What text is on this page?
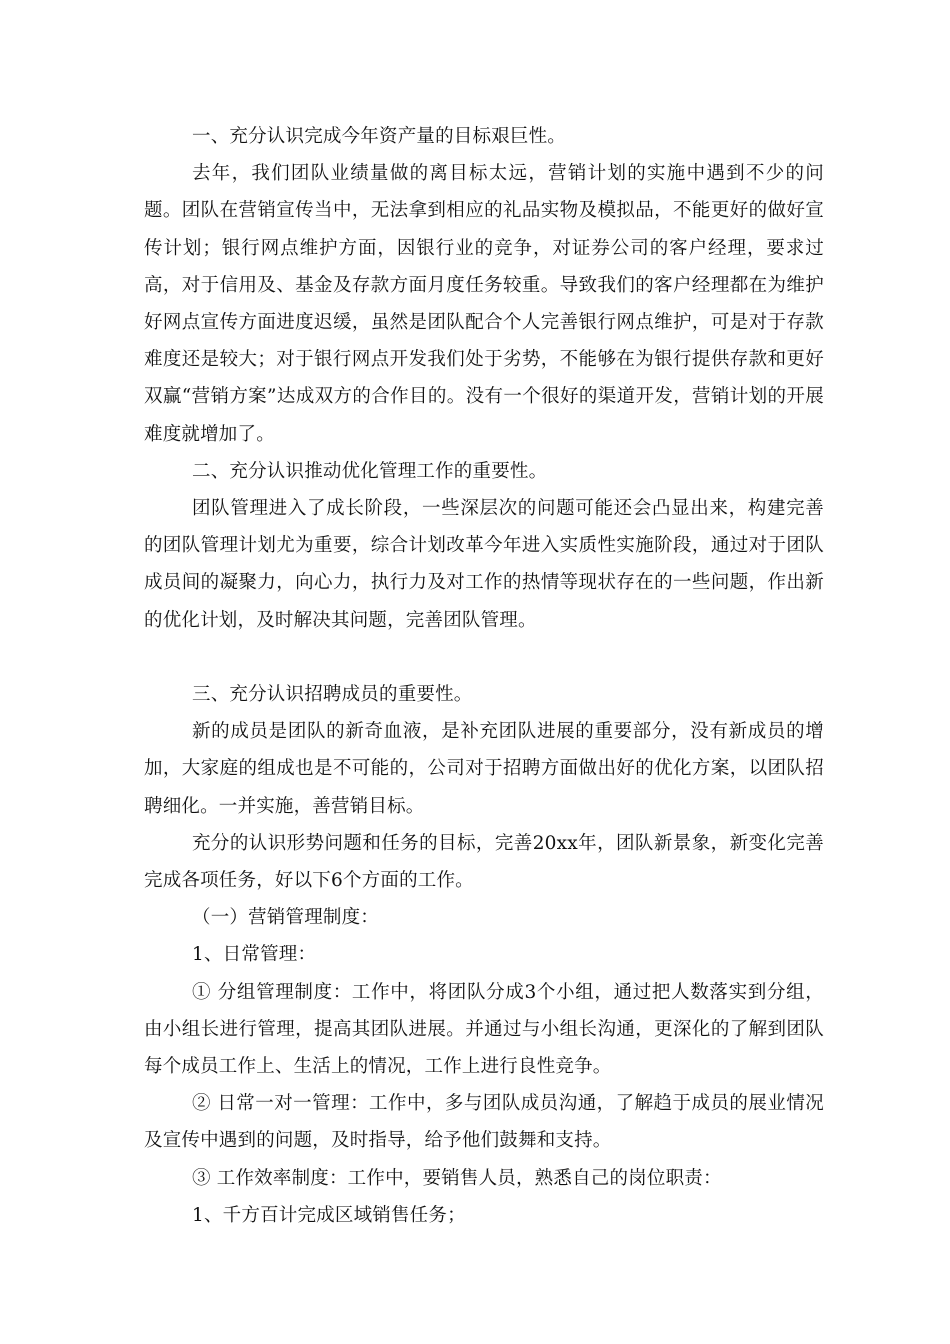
一、充分认识完成今年资产量的目标艰巨性。

去年，我们团队业绩量做的离目标太远，营销计划的实施中遇到不少的问题。团队在营销宣传当中，无法拿到相应的礼品实物及模拟品，不能更好的做好宣传计划；银行网点维护方面，因银行业的竞争，对证券公司的客户经理，要求过高，对于信用及、基金及存款方面月度任务较重。导致我们的客户经理都在为维护好网点宣传方面进度迟缓，虽然是团队配合个人完善银行网点维护，可是对于存款难度还是较大；对于银行网点开发我们处于劣势，不能够在为银行提供存款和更好双赢“营销方案”达成双方的合作目的。没有一个很好的渠道开发，营销计划的开展难度就增加了。

二、充分认识推动优化管理工作的重要性。

团队管理进入了成长阶段，一些深层次的问题可能还会凸显出来，构建完善的团队管理计划尤为重要，综合计划改革今年进入实质性实施阶段，通过对于团队成员间的凝聚力，向心力，执行力及对工作的热情等现状存在的一些问题，作出新的优化计划，及时解决其问题，完善团队管理。

三、充分认识招聘成员的重要性。

新的成员是团队的新奇血液，是补充团队进展的重要部分，没有新成员的增加，大家庭的组成也是不可能的，公司对于招聘方面做出好的优化方案，以团队招聘细化。一并实施，善营销目标。

充分的认识形势问题和任务的目标，完善20xx年，团队新景象，新变化完善完成各项任务，好以下6个方面的工作。

（一）营销管理制度：

1、日常管理：

① 分组管理制度：工作中，将团队分成3个小组，通过把人数落实到分组，由小组长进行管理，提高其团队进展。并通过与小组长沟通，更深化的了解到团队每个成员工作上、生活上的情况，工作上进行良性竞争。

② 日常一对一管理：工作中，多与团队成员沟通，了解趋于成员的展业情况及宣传中遇到的问题，及时指导，给予他们鼓舞和支持。

③ 工作效率制度：工作中，要销售人员，熟悉自己的岗位职责：

1、千方百计完成区域销售任务；
